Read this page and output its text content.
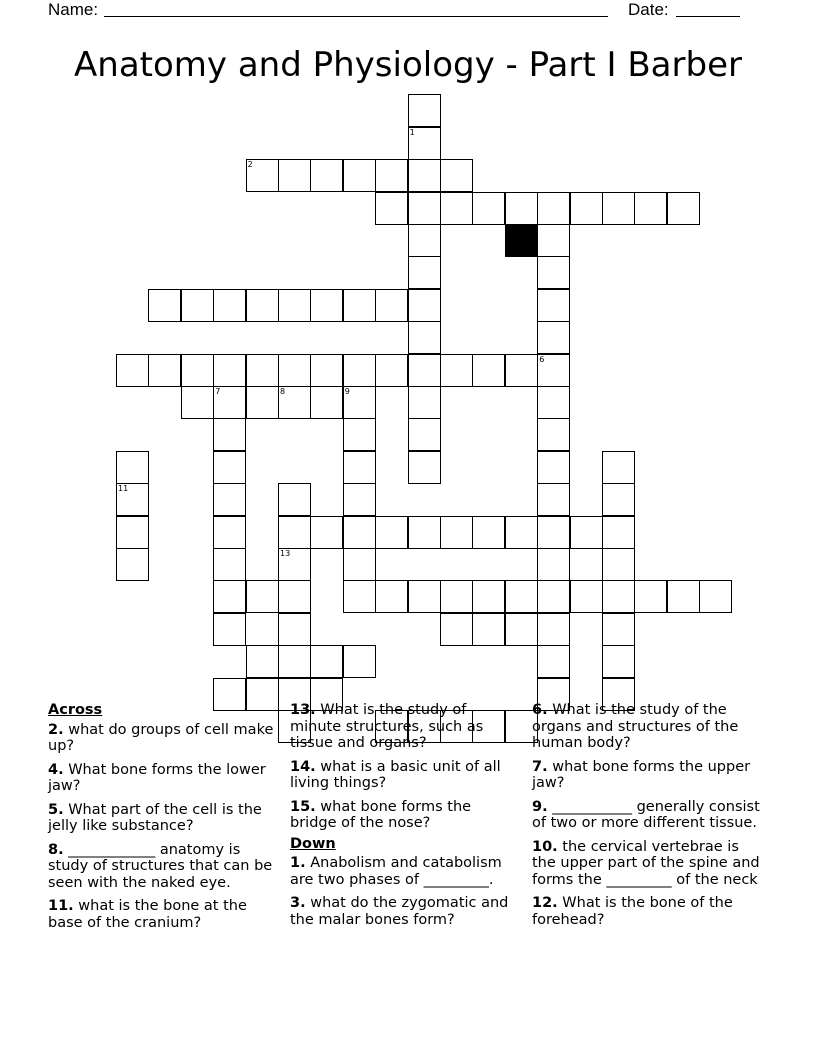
Name:	Date:
Anatomy and Physiology - Part I Barber
1
2
6
7	8	9
11
13
Across
2. what do groups of cell make up?
4. What bone forms the lower jaw?
5. What part of the cell is the jelly like substance?
8. ____________ anatomy is study of structures that can be seen with the naked eye.
11. what is the bone at the base of the cranium?
13. What is the study of minute structures, such as tissue and organs?
14. what is a basic unit of all living things?
15. what bone forms the bridge of the nose?
Down
1. Anabolism and catabolism are two phases of _________.
3. what do the zygomatic and the malar bones form?
6. What is the study of the organs and structures of the human body?
7. what bone forms the upper jaw?
9. ___________ generally consist of two or more different tissue.
10. the cervical vertebrae is the upper part of the spine and forms the _________ of the neck
12. What is the bone of the forehead?
